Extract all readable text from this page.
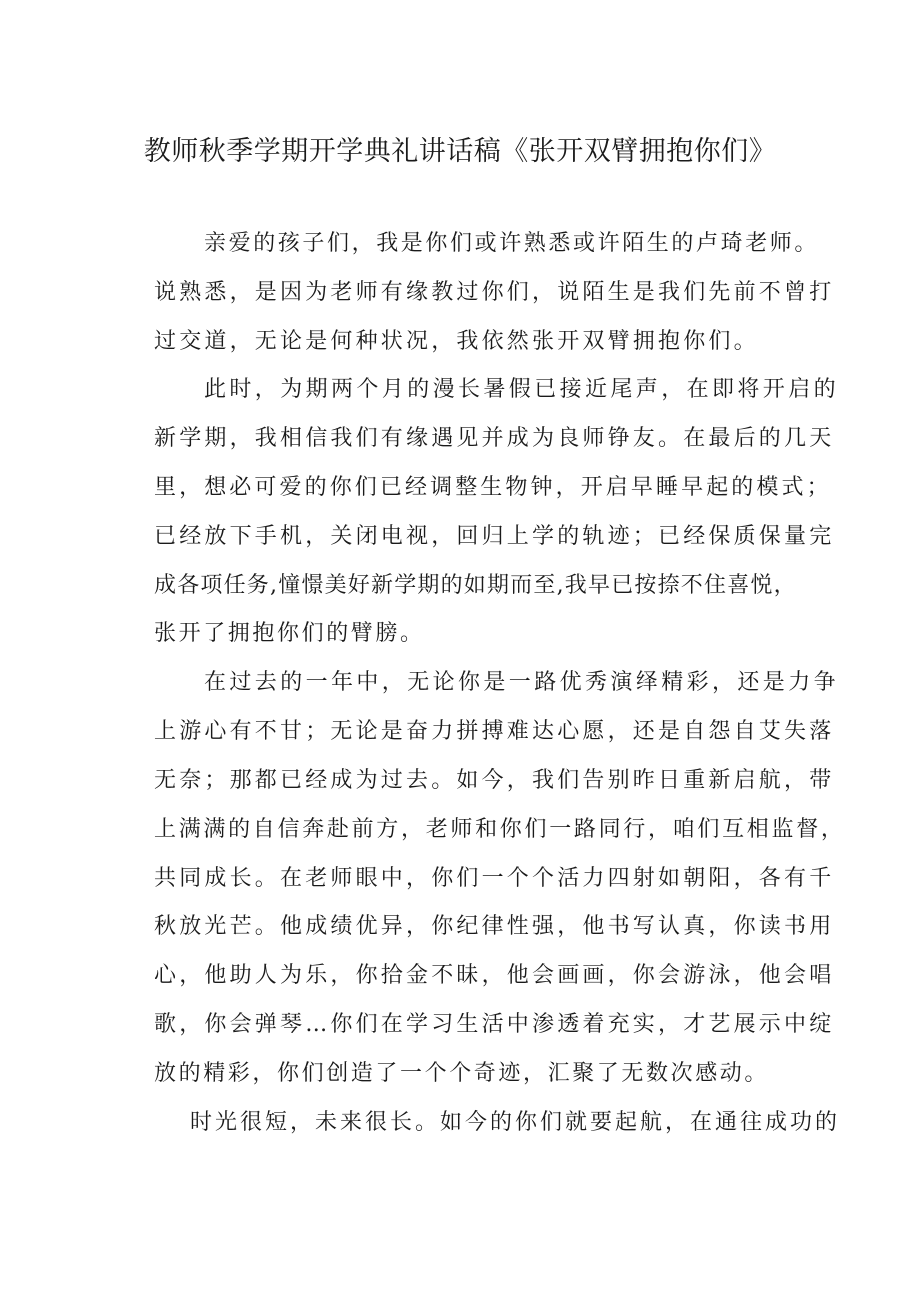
教师秋季学期开学典礼讲话稿《张开双臂拥抱你们》
亲爱的孩子们，我是你们或许熟悉或许陌生的卢琦老师。
说熟悉，是因为老师有缘教过你们，说陌生是我们先前不曾打
过交道，无论是何种状况，我依然张开双臂拥抱你们。
此时，为期两个月的漫长暑假已接近尾声，在即将开启的
新学期，我相信我们有缘遇见并成为良师铮友。在最后的几天
里，想必可爱的你们已经调整生物钟，开启早睡早起的模式；
已经放下手机，关闭电视，回归上学的轨迹；已经保质保量完
成各项任务,憧憬美好新学期的如期而至,我早已按捺不住喜悦，
张开了拥抱你们的臂膀。
在过去的一年中，无论你是一路优秀演绎精彩，还是力争
上游心有不甘；无论是奋力拼搏难达心愿，还是自怨自艾失落
无奈；那都已经成为过去。如今，我们告别昨日重新启航，带
上满满的自信奔赴前方，老师和你们一路同行，咱们互相监督，
共同成长。在老师眼中，你们一个个活力四射如朝阳，各有千
秋放光芒。他成绩优异，你纪律性强，他书写认真，你读书用
心，他助人为乐，你拾金不昧，他会画画，你会游泳，他会唱
歌，你会弹琴…你们在学习生活中渗透着充实，才艺展示中绽
放的精彩，你们创造了一个个奇迹，汇聚了无数次感动。
时光很短，未来很长。如今的你们就要起航，在通往成功的
